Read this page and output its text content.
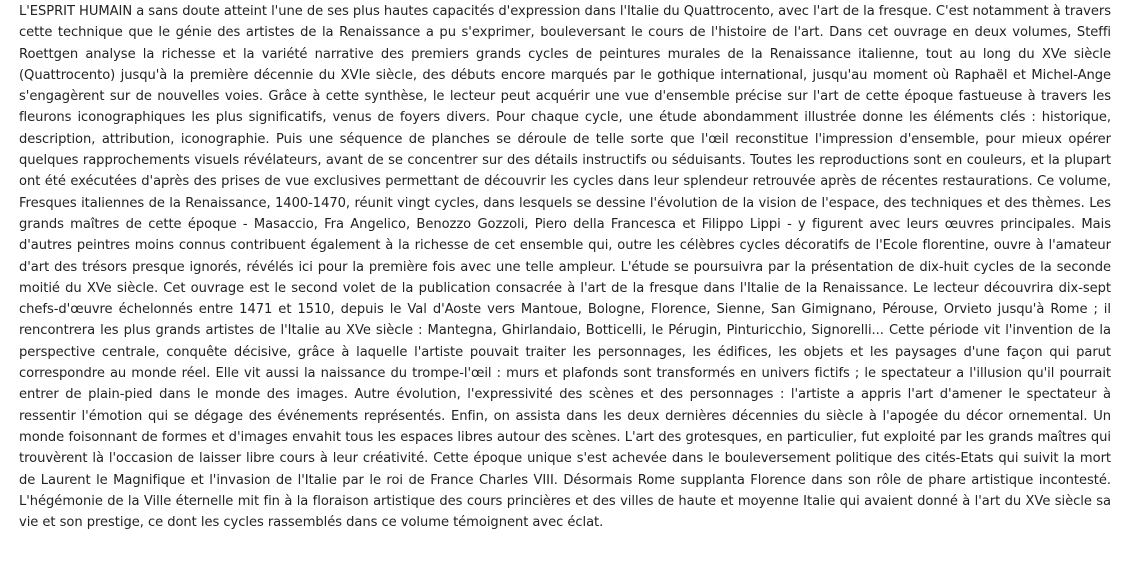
L'ESPRIT HUMAIN a sans doute atteint l'une de ses plus hautes capacités d'expression dans l'Italie du Quattrocento, avec l'art de la fresque. C'est notamment à travers cette technique que le génie des artistes de la Renaissance a pu s'exprimer, bouleversant le cours de l'histoire de l'art. Dans cet ouvrage en deux volumes, Steffi Roettgen analyse la richesse et la variété narrative des premiers grands cycles de peintures murales de la Renaissance italienne, tout au long du XVe siècle (Quattrocento) jusqu'à la première décennie du XVIe siècle, des débuts encore marqués par le gothique international, jusqu'au moment où Raphaël et Michel-Ange s'engagèrent sur de nouvelles voies. Grâce à cette synthèse, le lecteur peut acquérir une vue d'ensemble précise sur l'art de cette époque fastueuse à travers les fleurons iconographiques les plus significatifs, venus de foyers divers. Pour chaque cycle, une étude abondamment illustrée donne les éléments clés : historique, description, attribution, iconographie. Puis une séquence de planches se déroule de telle sorte que l'œil reconstitue l'impression d'ensemble, pour mieux opérer quelques rapprochements visuels révélateurs, avant de se concentrer sur des détails instructifs ou séduisants. Toutes les reproductions sont en couleurs, et la plupart ont été exécutées d'après des prises de vue exclusives permettant de découvrir les cycles dans leur splendeur retrouvée après de récentes restaurations. Ce volume, Fresques italiennes de la Renaissance, 1400-1470, réunit vingt cycles, dans lesquels se dessine l'évolution de la vision de l'espace, des techniques et des thèmes. Les grands maîtres de cette époque - Masaccio, Fra Angelico, Benozzo Gozzoli, Piero della Francesca et Filippo Lippi - y figurent avec leurs œuvres principales. Mais d'autres peintres moins connus contribuent également à la richesse de cet ensemble qui, outre les célèbres cycles décoratifs de l'Ecole florentine, ouvre à l'amateur d'art des trésors presque ignorés, révélés ici pour la première fois avec une telle ampleur. L'étude se poursuivra par la présentation de dix-huit cycles de la seconde moitié du XVe siècle. Cet ouvrage est le second volet de la publication consacrée à l'art de la fresque dans l'Italie de la Renaissance. Le lecteur découvrira dix-sept chefs-d'œuvre échelonnés entre 1471 et 1510, depuis le Val d'Aoste vers Mantoue, Bologne, Florence, Sienne, San Gimignano, Pérouse, Orvieto jusqu'à Rome ; il rencontrera les plus grands artistes de l'Italie au XVe siècle : Mantegna, Ghirlandaio, Botticelli, le Pérugin, Pinturicchio, Signorelli... Cette période vit l'invention de la perspective centrale, conquête décisive, grâce à laquelle l'artiste pouvait traiter les personnages, les édifices, les objets et les paysages d'une façon qui parut correspondre au monde réel. Elle vit aussi la naissance du trompe-l'œil : murs et plafonds sont transformés en univers fictifs ; le spectateur a l'illusion qu'il pourrait entrer de plain-pied dans le monde des images. Autre évolution, l'expressivité des scènes et des personnages : l'artiste a appris l'art d'amener le spectateur à ressentir l'émotion qui se dégage des événements représentés. Enfin, on assista dans les deux dernières décennies du siècle à l'apogée du décor ornemental. Un monde foisonnant de formes et d'images envahit tous les espaces libres autour des scènes. L'art des grotesques, en particulier, fut exploité par les grands maîtres qui trouvèrent là l'occasion de laisser libre cours à leur créativité. Cette époque unique s'est achevée dans le bouleversement politique des cités-Etats qui suivit la mort de Laurent le Magnifique et l'invasion de l'Italie par le roi de France Charles VIII. Désormais Rome supplanta Florence dans son rôle de phare artistique incontesté. L'hégémonie de la Ville éternelle mit fin à la floraison artistique des cours princières et des villes de haute et moyenne Italie qui avaient donné à l'art du XVe siècle sa vie et son prestige, ce dont les cycles rassemblés dans ce volume témoignent avec éclat.
